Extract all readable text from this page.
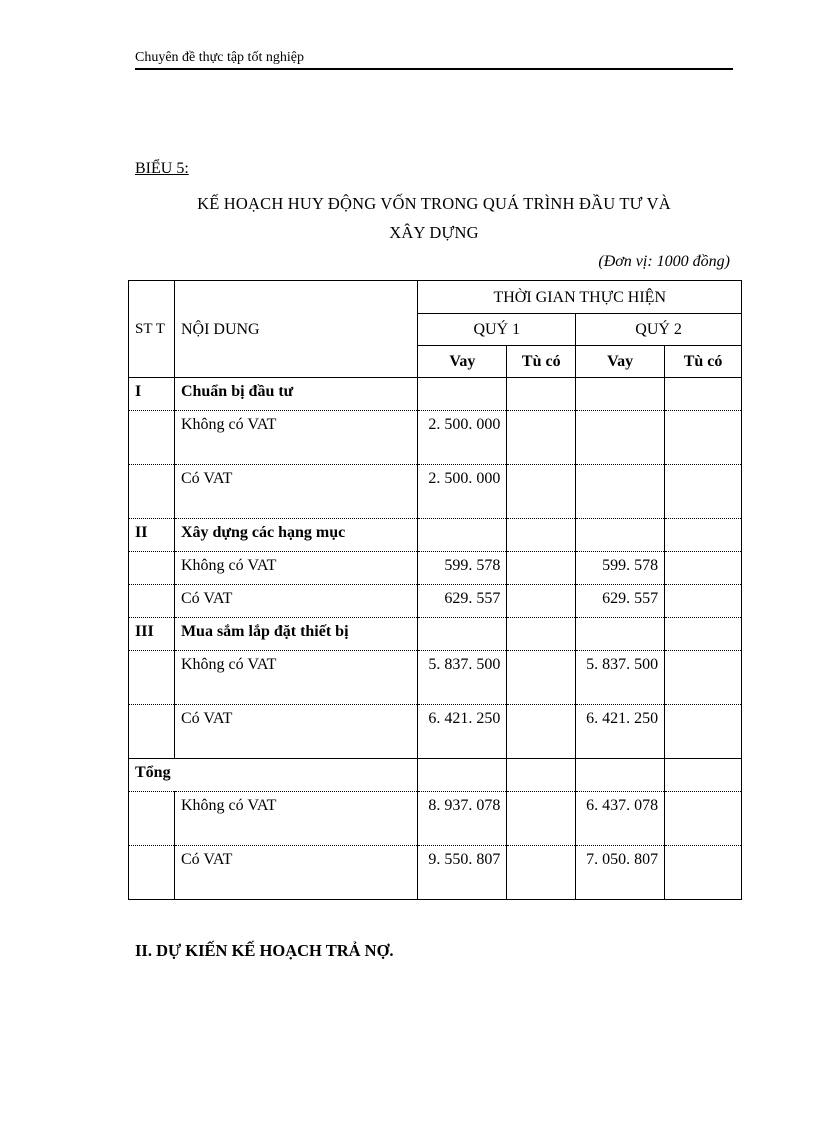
Chuyên đề thực tập tốt nghiệp
BIỂU 5:
KẾ HOẠCH HUY ĐỘNG VỐN TRONG QUÁ TRÌNH ĐẦU TƯ VÀ
XÂY DỰNG
(Đơn vị: 1000 đồng)
ST T	NỘI DUNG	THỜI GIAN THỰC HIỆN			
		QUÝ 1		QUÝ 2	
		Vay	Tù có	Vay	Tù có
I	Chuẩn bị đầu tư				
	Không có VAT	2. 500. 000			
	Có VAT	2. 500. 000			
II	Xây dựng các hạng mục				
	Không có VAT	599. 578		599. 578	
	Có VAT	629. 557		629. 557	
III	Mua sắm lắp đặt thiết bị				
	Không có VAT	5. 837. 500		5. 837. 500	
	Có VAT	6. 421. 250		6. 421. 250	
Tổng					
	Không có VAT	8. 937. 078		6. 437. 078	
	Có VAT	9. 550. 807		7. 050. 807	
II. DỰ KIẾN KẾ HOẠCH TRẢ NỢ.
